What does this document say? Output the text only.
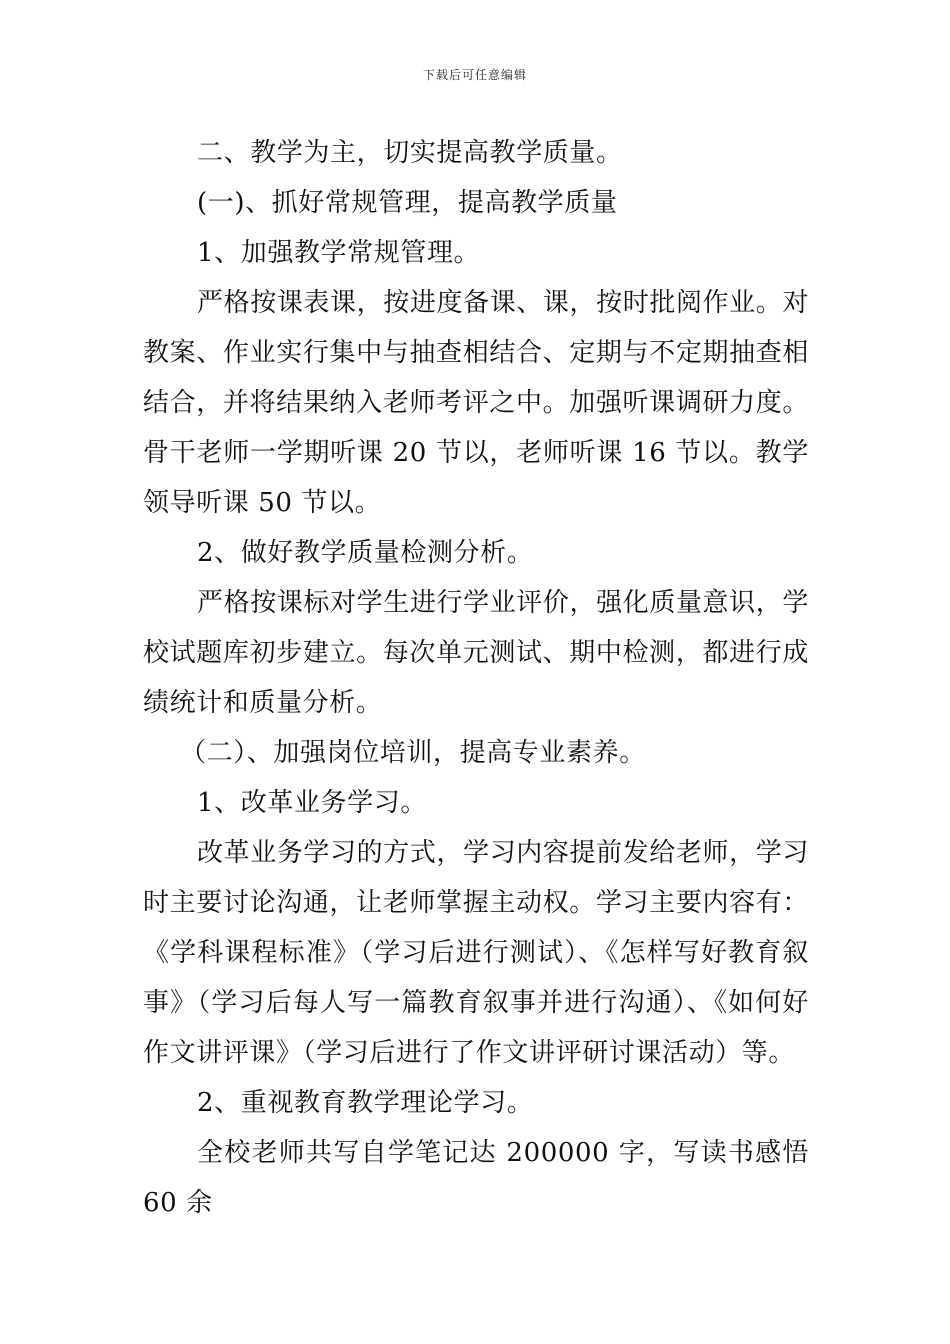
下载后可任意编辑

二、教学为主，切实提高教学质量。

(一)、抓好常规管理，提高教学质量

1、加强教学常规管理。

严格按课表课，按进度备课、课，按时批阅作业。对教案、作业实行集中与抽查相结合、定期与不定期抽查相结合，并将结果纳入老师考评之中。加强听课调研力度。骨干老师一学期听课 20 节以，老师听课 16 节以。教学领导听课 50 节以。

2、做好教学质量检测分析。

严格按课标对学生进行学业评价，强化质量意识，学校试题库初步建立。每次单元测试、期中检测，都进行成绩统计和质量分析。

（二）、加强岗位培训，提高专业素养。

1、改革业务学习。

改革业务学习的方式，学习内容提前发给老师，学习时主要讨论沟通，让老师掌握主动权。学习主要内容有：《学科课程标准》（学习后进行测试）、《怎样写好教育叙事》（学习后每人写一篇教育叙事并进行沟通）、《如何好作文讲评课》（学习后进行了作文讲评研讨课活动）等。

2、重视教育教学理论学习。

全校老师共写自学笔记达 200000 字，写读书感悟 60 余
